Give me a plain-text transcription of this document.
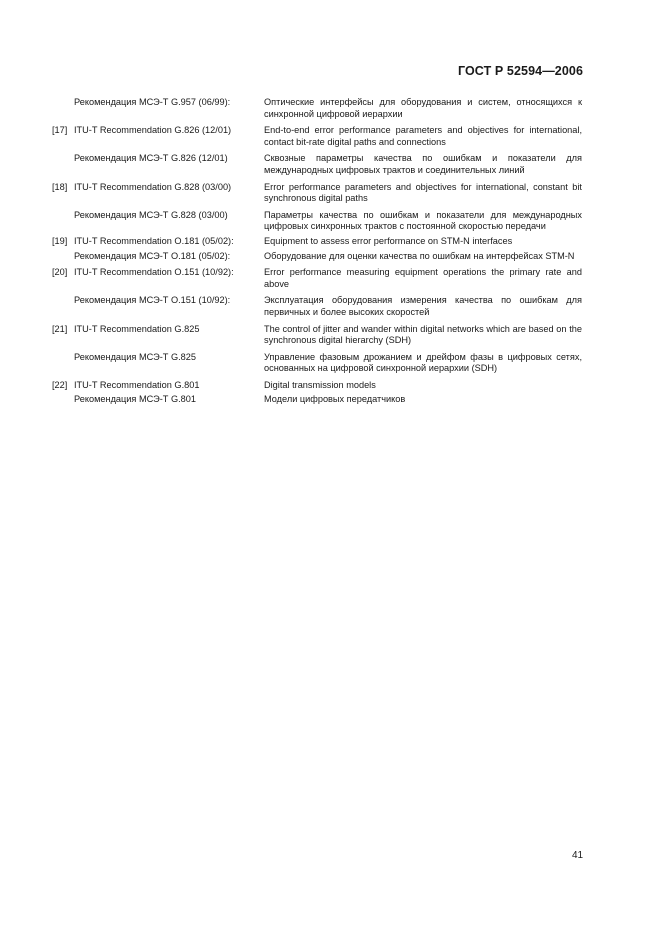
ГОСТ Р 52594—2006
Рекомендация МСЭ-Т G.957 (06/99):	Оптические интерфейсы для оборудования и систем, относящихся к синхронной цифровой иерархии
[17] ITU-T Recommendation G.826 (12/01)	End-to-end error performance parameters and objectives for international, contact bit-rate digital paths and connections
Рекомендация МСЭ-Т G.826 (12/01)	Сквозные параметры качества по ошибкам и показатели для международных цифровых трактов и соединительных линий
[18] ITU-T Recommendation G.828 (03/00)	Error performance parameters and objectives for international, constant bit synchronous digital paths
Рекомендация МСЭ-Т G.828 (03/00)	Параметры качества по ошибкам и показатели для международных цифровых синхронных трактов с постоянной скоростью передачи
[19] ITU-T Recommendation O.181 (05/02):	Equipment to assess error performance on STM-N interfaces
Рекомендация МСЭ-Т O.181 (05/02):	Оборудование для оценки качества по ошибкам на интерфейсах STM-N
[20] ITU-T Recommendation O.151 (10/92):	Error performance measuring equipment operations the primary rate and above
Рекомендация МСЭ-Т O.151 (10/92):	Эксплуатация оборудования измерения качества по ошибкам для первичных и более высоких скоростей
[21] ITU-T Recommendation G.825	The control of jitter and wander within digital networks which are based on the synchronous digital hierarchy (SDH)
Рекомендация МСЭ-Т G.825	Управление фазовым дрожанием и дрейфом фазы в цифровых сетях, основанных на цифровой синхронной иерархии (SDH)
[22] ITU-T Recommendation G.801	Digital transmission models
Рекомендация МСЭ-Т G.801	Модели цифровых передатчиков
41
